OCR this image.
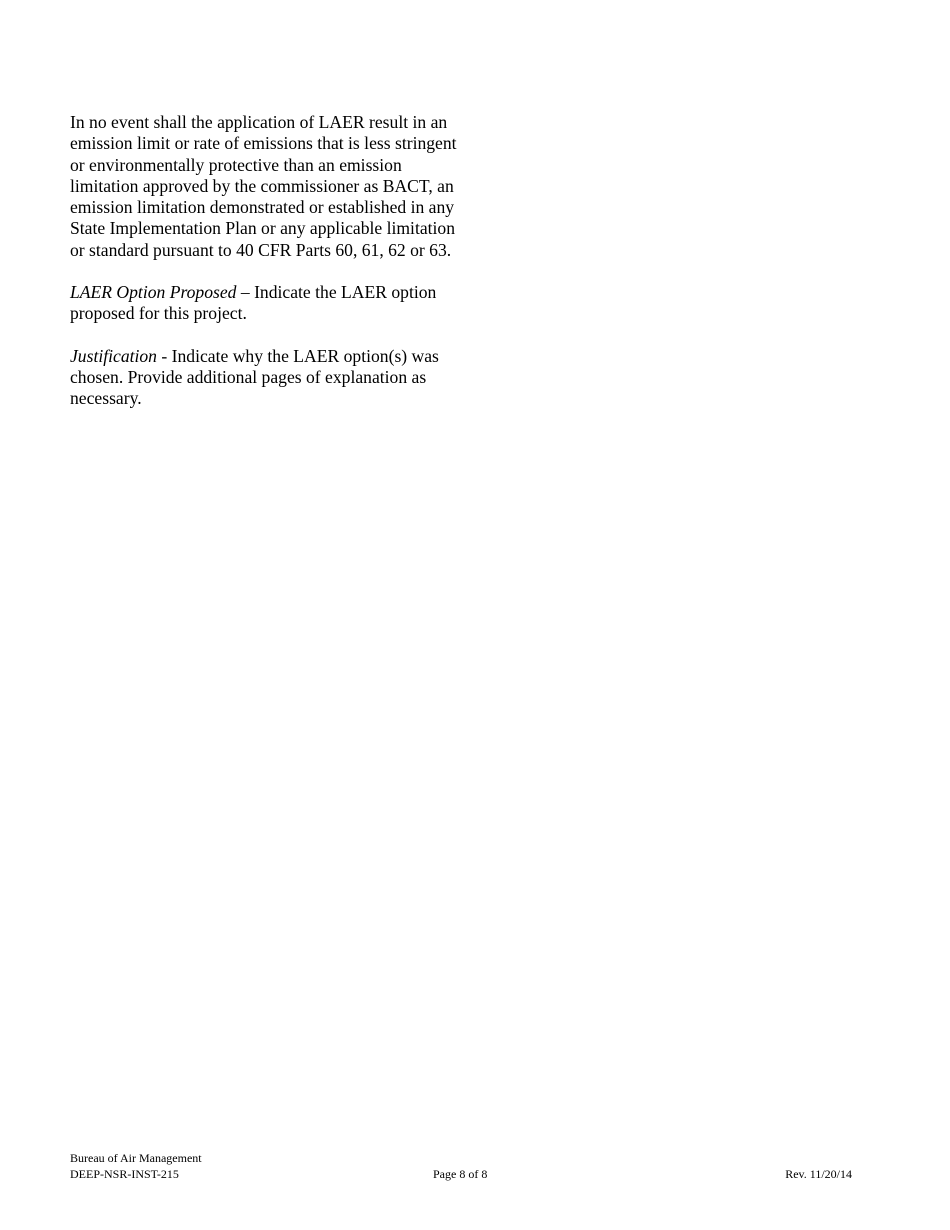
In no event shall the application of LAER result in an emission limit or rate of emissions that is less stringent or environmentally protective than an emission limitation approved by the commissioner as BACT, an emission limitation demonstrated or established in any State Implementation Plan or any applicable limitation or standard pursuant to 40 CFR Parts 60, 61, 62 or 63.

LAER Option Proposed – Indicate the LAER option proposed for this project.

Justification - Indicate why the LAER option(s) was chosen. Provide additional pages of explanation as necessary.

Bureau of Air Management
DEEP-NSR-INST-215	Page 8 of 8	Rev. 11/20/14
